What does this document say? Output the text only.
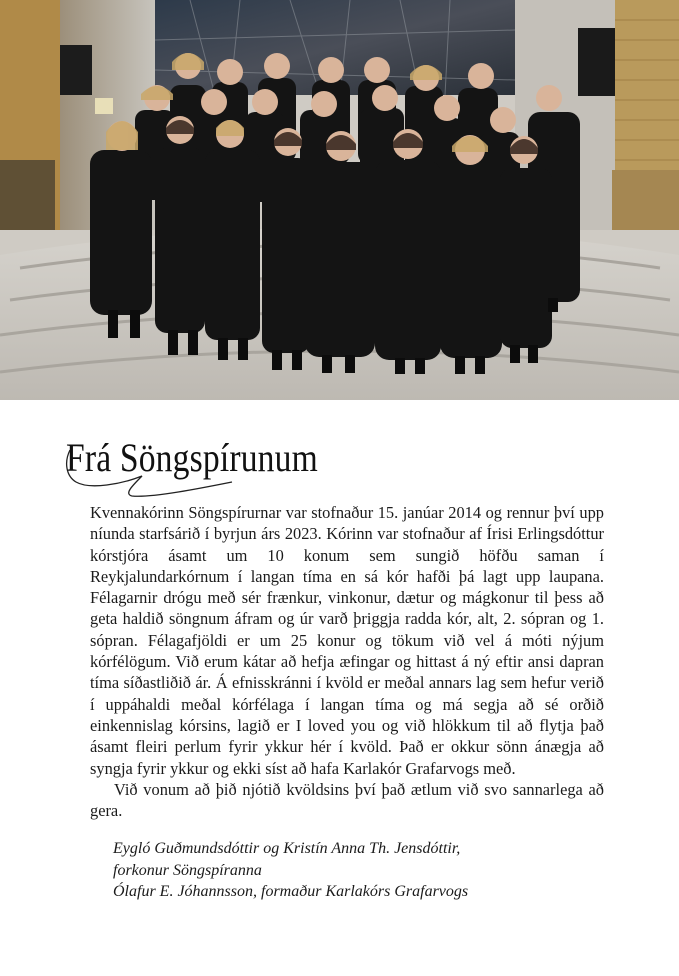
Frá Söngspírunum

Kvennakórinn Söngspírurnar var stofnaður 15. janúar 2014 og rennur því upp níunda starfsárið í byrjun árs 2023. Kórinn var stofnaður af Írisi Erlingsdóttur kórstjóra ásamt um 10 konum sem sungið höfðu saman í Reykjalundarkórnum í langan tíma en sá kór hafði þá lagt upp laupana. Félagarnir drógu með sér frænkur, vinkonur, dætur og mágkonur til þess að geta haldið söngnum áfram og úr varð þriggja radda kór, alt, 2. sópran og 1. sópran. Félagafjöldi er um 25 konur og tökum við vel á móti nýjum kórfélögum. Við erum kátar að hefja æfingar og hittast á ný eftir ansi dapran tíma síðastliðið ár. Á efnisskránni í kvöld er meðal annars lag sem hefur verið í uppáhaldi meðal kórfélaga í langan tíma og má segja að sé orðið einkennislag kórsins, lagið er I loved you og við hlökkum til að flytja það ásamt fleiri perlum fyrir ykkur hér í kvöld. Það er okkur sönn ánægja að syngja fyrir ykkur og ekki síst að hafa Karlakór Grafarvogs með.

Við vonum að þið njótið kvöldsins því það ætlum við svo sannarlega að gera.

Eygló Guðmundsdóttir og Kristín Anna Th. Jensdóttir,
forkonur Söngspíranna
Ólafur E. Jóhannsson, formaður Karlakórs Grafarvogs
